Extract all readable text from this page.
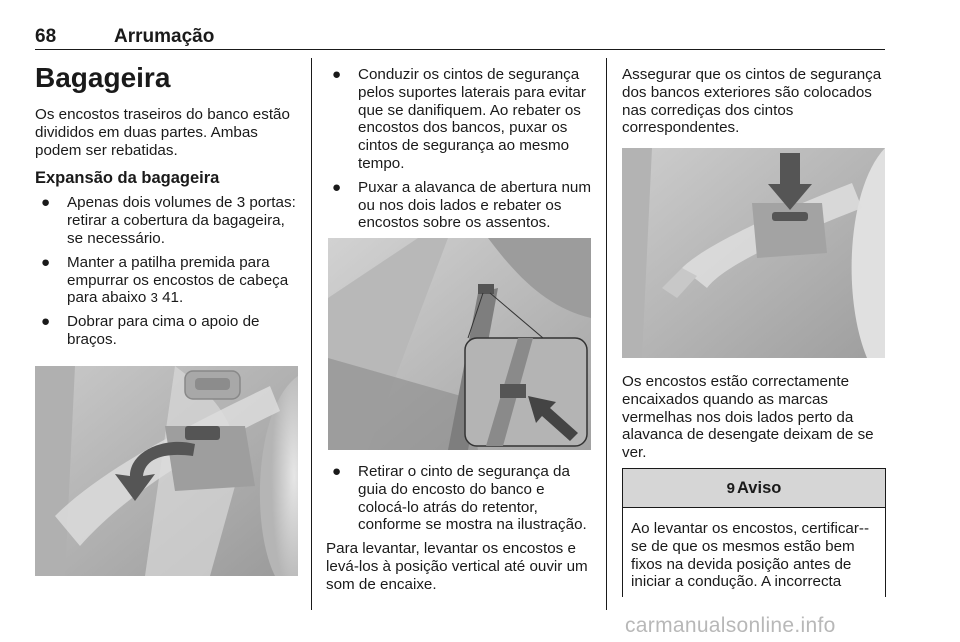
68	Arrumação
Bagageira

Os encostos traseiros do banco estão divididos em duas partes. Ambas podem ser rebatidas.

Expansão da bagageira
● Apenas dois volumes de 3 portas: retirar a cobertura da bagageira, se necessário.
● Manter a patilha premida para empurrar os encostos de cabeça para abaixo 3 41.
● Dobrar para cima o apoio de braços.
● Conduzir os cintos de segurança pelos suportes laterais para evitar que se danifiquem. Ao rebater os encostos dos bancos, puxar os cintos de segurança ao mesmo tempo.
● Puxar a alavanca de abertura num ou nos dois lados e rebater os encostos sobre os assentos.
● Retirar o cinto de segurança da guia do encosto do banco e colocá-lo atrás do retentor, conforme se mostra na ilustração.

Para levantar, levantar os encostos e levá-los à posição vertical até ouvir um som de encaixe.

Assegurar que os cintos de segurança dos bancos exteriores são colocados nas corrediças dos cintos correspondentes.

Os encostos estão correctamente encaixados quando as marcas vermelhas nos dois lados perto da alavanca de desengate deixam de se ver.

9 Aviso
Ao levantar os encostos, certificar--se de que os mesmos estão bem fixos na devida posição antes de iniciar a condução. A incorrecta
carmanualsonline.info
